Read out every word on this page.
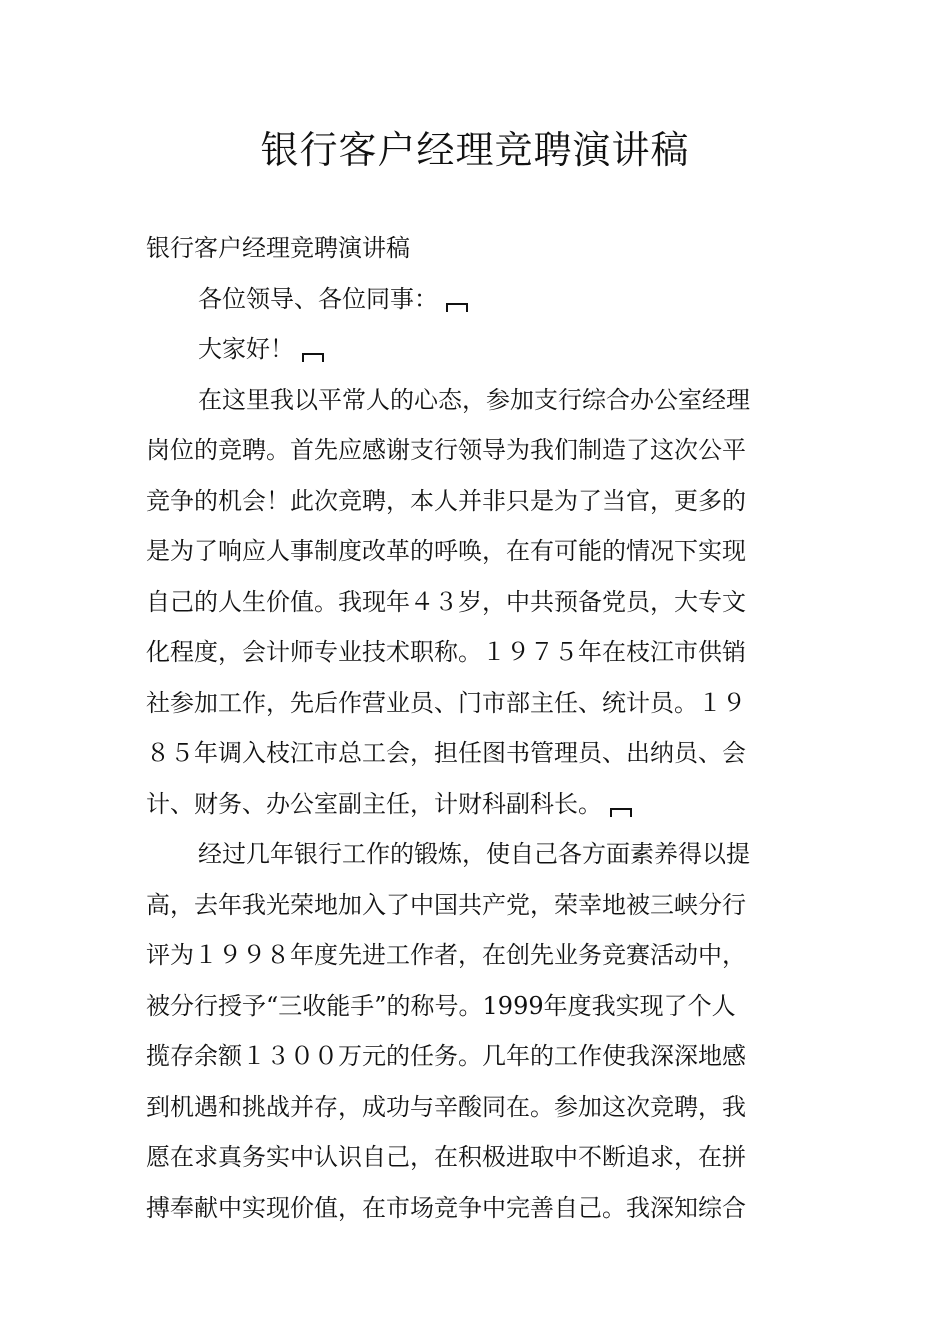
银行客户经理竞聘演讲稿
银行客户经理竞聘演讲稿
各位领导、各位同事：
大家好！
在这里我以平常人的心态，参加支行综合办公室经理
岗位的竞聘。首先应感谢支行领导为我们制造了这次公平
竞争的机会！此次竞聘，本人并非只是为了当官，更多的
是为了响应人事制度改革的呼唤，在有可能的情况下实现
自己的人生价值。我现年４３岁，中共预备党员，大专文
化程度，会计师专业技术职称。１９７５年在枝江市供销
社参加工作，先后作营业员、门市部主任、统计员。１９
８５年调入枝江市总工会，担任图书管理员、出纳员、会
计、财务、办公室副主任，计财科副科长。
经过几年银行工作的锻炼，使自己各方面素养得以提
高，去年我光荣地加入了中国共产党，荣幸地被三峡分行
评为１９９８年度先进工作者，在创先业务竞赛活动中，
被分行授予“三收能手”的称号。1999年度我实现了个人
揽存余额１３００万元的任务。几年的工作使我深深地感
到机遇和挑战并存，成功与辛酸同在。参加这次竞聘，我
愿在求真务实中认识自己，在积极进取中不断追求，在拼
搏奉献中实现价值，在市场竞争中完善自己。我深知综合
